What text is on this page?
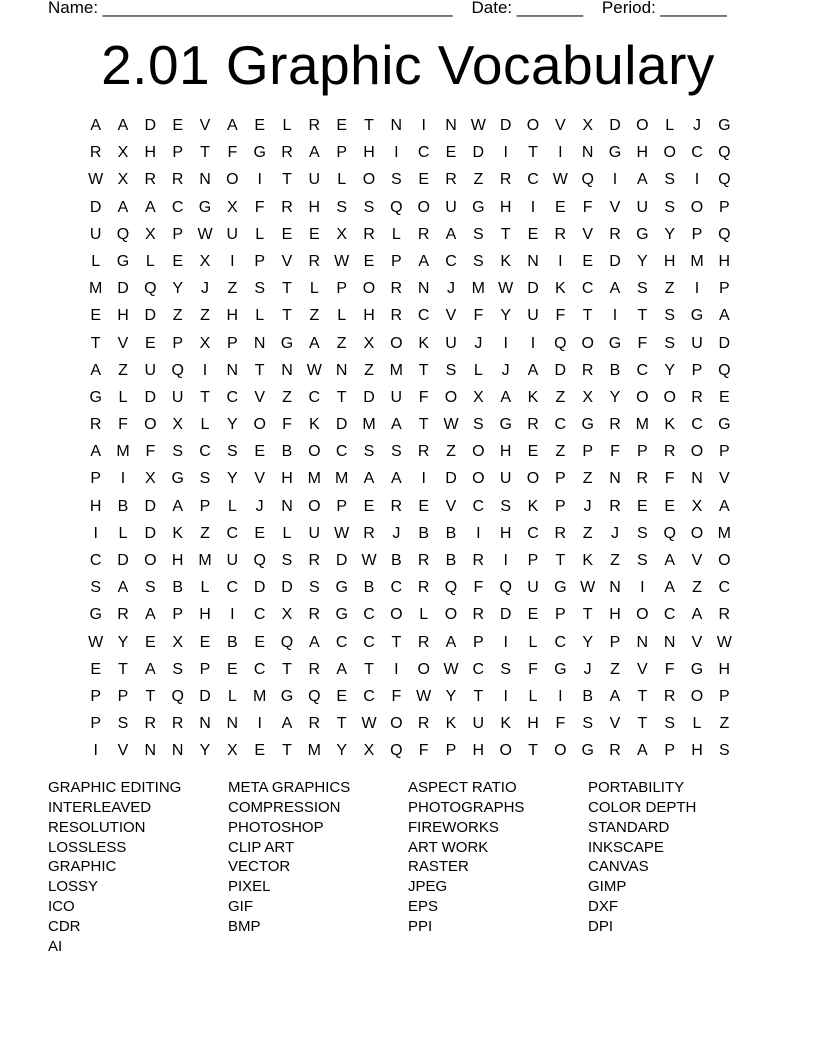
Name: _____________________________________    Date: _______    Period: _______
2.01 Graphic Vocabulary
A	A	D	E	V	A	E	L	R	E	T	N	I	N W D O V	X	D O	L	J	G
R	X	H	P	T	F	G R	A	P	H	I	C	E	D	I	T	I	N G H O C Q
W X	R R N O	I	T	U	L	O S	E	R	Z	R C W Q	I	A	S	I	Q
D	A	A	C G X	F	R H	S	S Q O U G H	I	E	F	V	U	S O P
U Q X	P W U	L	E	E	X	R	L	R	A	S	T	E	R	V	R G Y	P Q
L	G	L	E	X	I	P	V	R W E	P	A	C	S	K	N	I	E	D	Y	H M H
M D Q Y	J	Z	S	T	L	P O R N	J	M W D	K	C	A	S	Z	I	P
E	H D	Z	Z	H	L	T	Z	L	H R C	V	F	Y	U	F	T	I	T	S G A
T	V	E	P	X	P	N G A	Z	X O K	U	J	I	I	Q O G	F	S	U D
A	Z	U Q	I	N	T	N W N	Z M T	S	L	J	A	D R	B	C	Y	P Q
G	L	D U	T	C	V	Z	C	T	D U	F	O X	A	K	Z	X	Y O O R	E
R	F	O X	L	Y O	F	K	D M A	T W S G R C G R M K	C G
A M F	S	C	S	E	B O C	S	S	R	Z	O H	E	Z	P	F	P	R O P
P	I	X G S	Y	V	H M M A	A	I	D O U O P	Z	N R	F	N	V
H	B	D	A	P	L	J	N O P	E	R	E	V	C	S	K	P	J	R	E	E	X	A
I	L	D	K	Z	C	E	L	U W R	J	B	B	I	H C R	Z	J	S Q O M
C D O H M U Q S	R D W B	R	B	R	I	P	T	K	Z	S	A	V O
S	A	S	B	L	C D D	S G B	C R Q	F	Q U G W N	I	A	Z	C
G R	A	P	H	I	C	X	R G C O	L	O R D	E	P	T	H O C	A	R
W Y	E	X	E	B	E Q A	C C	T	R	A	P	I	L	C	Y	P	N N	V W
E	T	A	S	P	E	C	T	R	A	T	I	O W C	S	F	G	J	Z	V	F	G H
P	P	T	Q D	L	M G Q E	C	F W Y	T	I	L	I	B	A	T	R O P
P	S	R R N N	I	A	R	T W O R	K	U	K	H	F	S	V	T	S	L	Z
I	V	N N	Y	X	E	T M Y	X Q	F	P	H O	T	O G R	A	P	H	S
GRAPHIC EDITING
INTERLEAVED
RESOLUTION
LOSSLESS
GRAPHIC
LOSSY
ICO
CDR
AI
META GRAPHICS
COMPRESSION
PHOTOSHOP
CLIP ART
VECTOR
PIXEL
GIF
BMP
ASPECT RATIO
PHOTOGRAPHS
FIREWORKS
ART WORK
RASTER
JPEG
EPS
PPI
PORTABILITY
COLOR DEPTH
STANDARD
INKSCAPE
CANVAS
GIMP
DXF
DPI
